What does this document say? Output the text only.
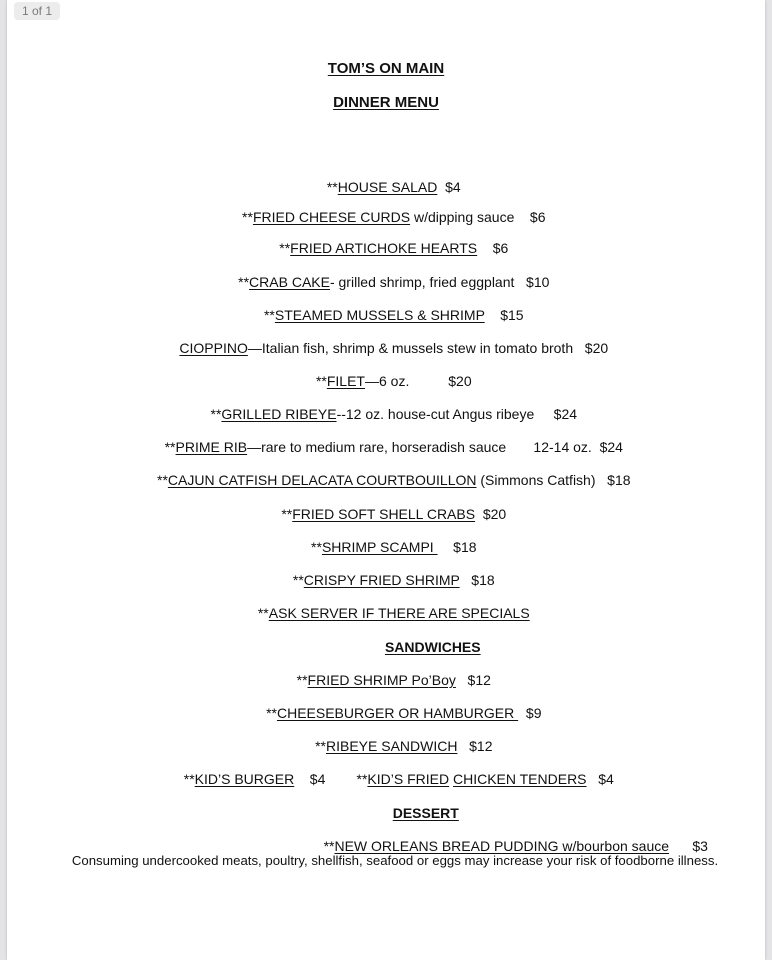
1 of 1
TOM’S ON MAIN
DINNER MENU

**HOUSE SALAD  $4

**FRIED CHEESE CURDS w/dipping sauce    $6

**FRIED ARTICHOKE HEARTS    $6

**CRAB CAKE- grilled shrimp, fried eggplant   $10

**STEAMED MUSSELS & SHRIMP    $15

CIOPPINO—Italian fish, shrimp & mussels stew in tomato broth   $20

**FILET—6 oz.          $20

**GRILLED RIBEYE--12 oz. house-cut Angus ribeye     $24

**PRIME RIB—rare to medium rare, horseradish sauce       12-14 oz.  $24

**CAJUN CATFISH DELACATA COURTBOUILLON (Simmons Catfish)   $18

**FRIED SOFT SHELL CRABS  $20

**SHRIMP SCAMPI     $18

**CRISPY FRIED SHRIMP   $18

**ASK SERVER IF THERE ARE SPECIALS

SANDWICHES

**FRIED SHRIMP Po’Boy   $12

**CHEESEBURGER OR HAMBURGER   $9

**RIBEYE SANDWICH   $12

**KID’S BURGER    $4        **KID’S FRIED CHICKEN TENDERS   $4

DESSERT

**NEW ORLEANS BREAD PUDDING w/bourbon sauce      $3

Consuming undercooked meats, poultry, shellfish, seafood or eggs may increase your risk of foodborne illness.
